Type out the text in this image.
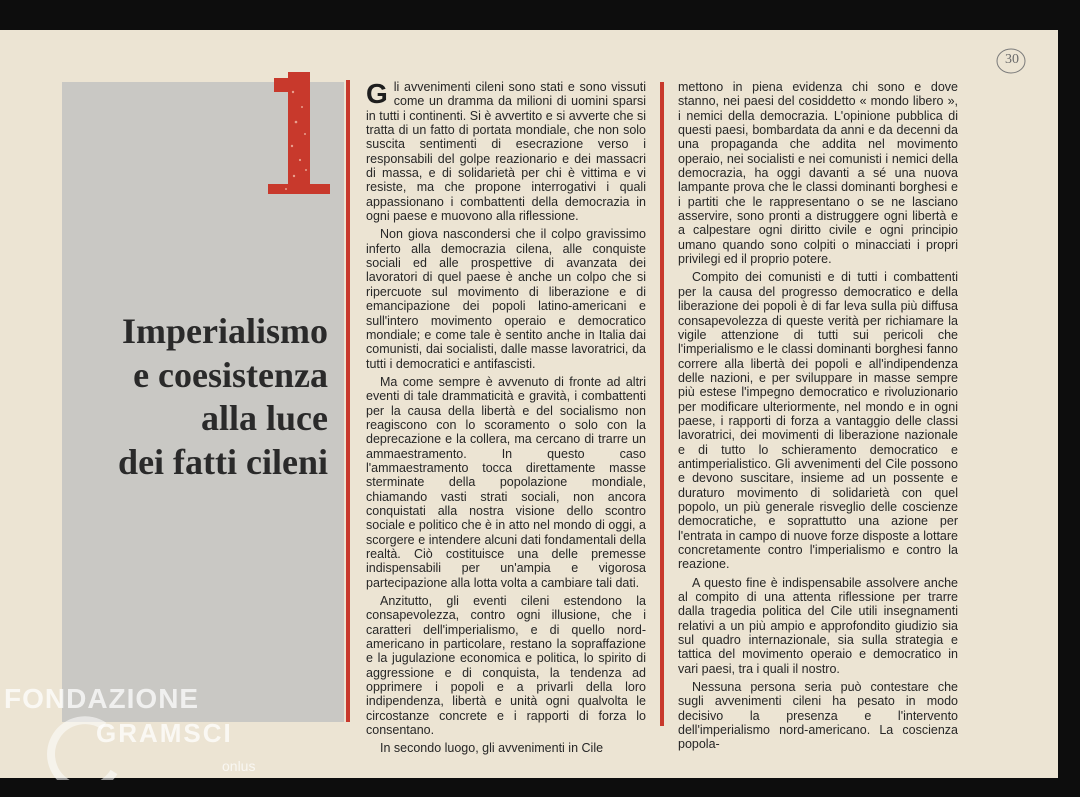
1
Imperialismo
e coesistenza
alla luce
dei fatti cileni

Gli avvenimenti cileni sono stati e sono vissuti come un dramma da milioni di uomini sparsi in tutti i continenti. Si è avvertito e si avverte che si tratta di un fatto di portata mondiale, che non solo suscita sentimenti di esecrazione verso i responsabili del golpe reazionario e dei massacri di massa, e di solidarietà per chi è vittima e vi resiste, ma che propone interrogativi i quali appassionano i combattenti della democrazia in ogni paese e muovono alla riflessione.

Non giova nascondersi che il colpo gravissimo inferto alla democrazia cilena, alle conquiste sociali ed alle prospettive di avanzata dei lavoratori di quel paese è anche un colpo che si ripercuote sul movimento di liberazione e di emancipazione dei popoli latino-americani e sull'intero movimento operaio e democratico mondiale; e come tale è sentito anche in Italia dai comunisti, dai socialisti, dalle masse lavoratrici, da tutti i democratici e antifascisti.

Ma come sempre è avvenuto di fronte ad altri eventi di tale drammaticità e gravità, i combattenti per la causa della libertà e del socialismo non reagiscono con lo scoramento o solo con la deprecazione e la collera, ma cercano di trarre un ammaestramento. In questo caso l'ammaestramento tocca direttamente masse sterminate della popolazione mondiale, chiamando vasti strati sociali, non ancora conquistati alla nostra visione dello scontro sociale e politico che è in atto nel mondo di oggi, a scorgere e intendere alcuni dati fondamentali della realtà. Ciò costituisce una delle premesse indispensabili per un'ampia e vigorosa partecipazione alla lotta volta a cambiare tali dati.

Anzitutto, gli eventi cileni estendono la consapevolezza, contro ogni illusione, che i caratteri dell'imperialismo, e di quello nord-americano in particolare, restano la sopraffazione e la jugulazione economica e politica, lo spirito di aggressione e di conquista, la tendenza ad opprimere i popoli e a privarli della loro indipendenza, libertà e unità ogni qualvolta le circostanze concrete e i rapporti di forza lo consentano.

In secondo luogo, gli avvenimenti in Cile

mettono in piena evidenza chi sono e dove stanno, nei paesi del cosiddetto « mondo libero », i nemici della democrazia. L'opinione pubblica di questi paesi, bombardata da anni e da decenni da una propaganda che addita nel movimento operaio, nei socialisti e nei comunisti i nemici della democrazia, ha oggi davanti a sé una nuova lampante prova che le classi dominanti borghesi e i partiti che le rappresentano o se ne lasciano asservire, sono pronti a distruggere ogni libertà e a calpestare ogni diritto civile e ogni principio umano quando sono colpiti o minacciati i propri privilegi ed il proprio potere.

Compito dei comunisti e di tutti i combattenti per la causa del progresso democratico e della liberazione dei popoli è di far leva sulla più diffusa consapevolezza di queste verità per richiamare la vigile attenzione di tutti sui pericoli che l'imperialismo e le classi dominanti borghesi fanno correre alla libertà dei popoli e all'indipendenza delle nazioni, e per sviluppare in masse sempre più estese l'impegno democratico e rivoluzionario per modificare ulteriormente, nel mondo e in ogni paese, i rapporti di forza a vantaggio delle classi lavoratrici, dei movimenti di liberazione nazionale e di tutto lo schieramento democratico e antimperialistico. Gli avvenimenti del Cile possono e devono suscitare, insieme ad un possente e duraturo movimento di solidarietà con quel popolo, un più generale risveglio delle coscienze democratiche, e soprattutto una azione per l'entrata in campo di nuove forze disposte a lottare concretamente contro l'imperialismo e contro la reazione.

A questo fine è indispensabile assolvere anche al compito di una attenta riflessione per trarre dalla tragedia politica del Cile utili insegnamenti relativi a un più ampio e approfondito giudizio sia sul quadro internazionale, sia sulla strategia e tattica del movimento operaio e democratico in vari paesi, tra i quali il nostro.

Nessuna persona seria può contestare che sugli avvenimenti cileni ha pesato in modo decisivo la presenza e l'intervento dell'imperialismo nord-americano. La coscienza popola-

30
FONDAZIONE
GRAMSCI
onlus
